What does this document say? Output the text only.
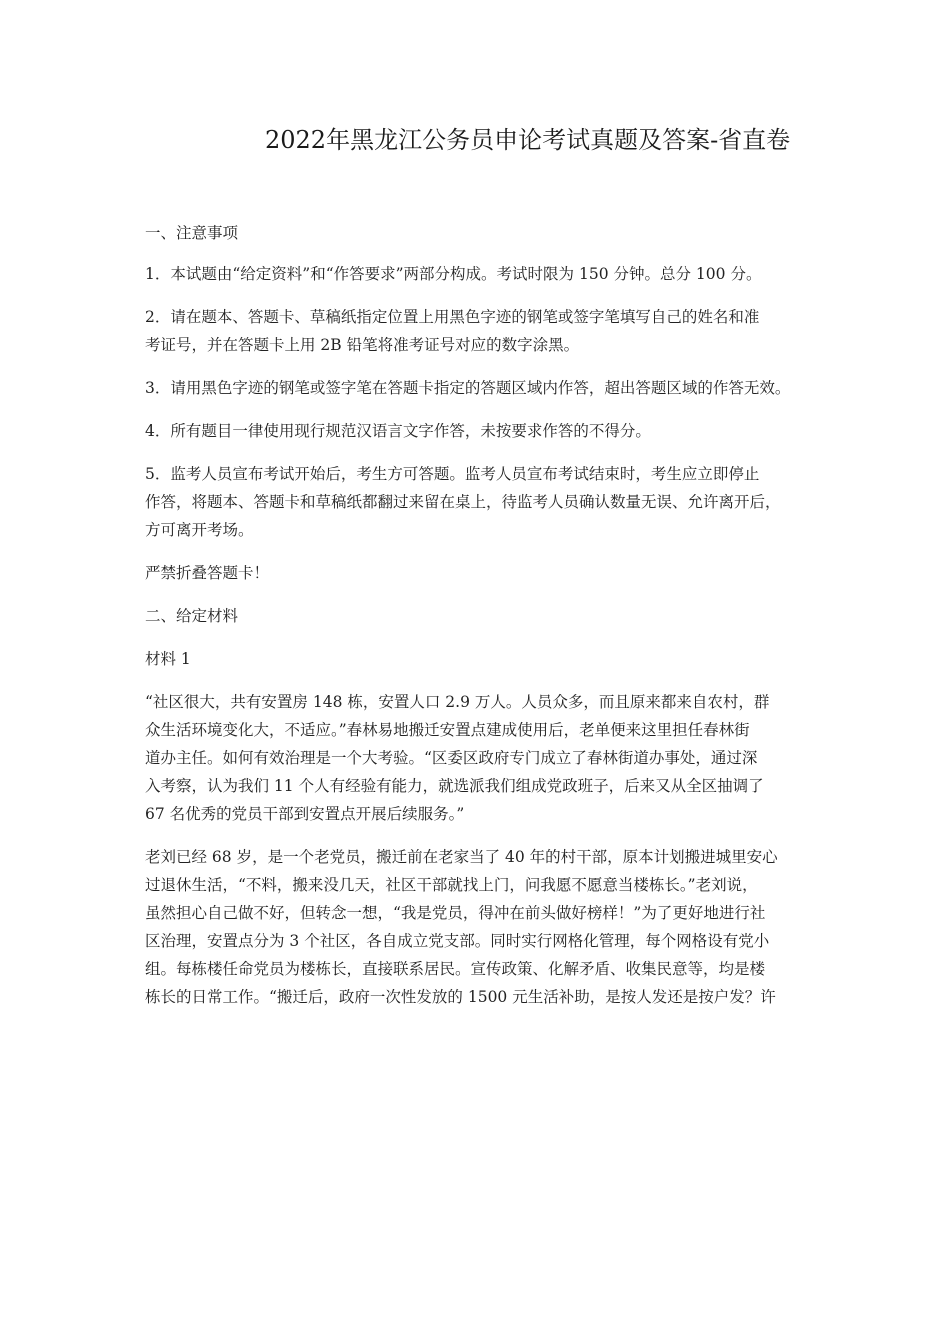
2022年黑龙江公务员申论考试真题及答案-省直卷

一、注意事项

1．本试题由“给定资料”和“作答要求”两部分构成。考试时限为 150 分钟。总分 100 分。

2．请在题本、答题卡、草稿纸指定位置上用黑色字迹的钢笔或签字笔填写自己的姓名和准
考证号，并在答题卡上用 2B 铅笔将准考证号对应的数字涂黑。

3．请用黑色字迹的钢笔或签字笔在答题卡指定的答题区域内作答，超出答题区域的作答无效。

4．所有题目一律使用现行规范汉语言文字作答，未按要求作答的不得分。

5．监考人员宣布考试开始后，考生方可答题。监考人员宣布考试结束时，考生应立即停止
作答，将题本、答题卡和草稿纸都翻过来留在桌上，待监考人员确认数量无误、允许离开后，
方可离开考场。

严禁折叠答题卡！

二、给定材料

材料 1

“社区很大，共有安置房 148 栋，安置人口 2.9 万人。人员众多，而且原来都来自农村，群
众生活环境变化大，不适应。”春林易地搬迁安置点建成使用后，老单便来这里担任春林街
道办主任。如何有效治理是一个大考验。“区委区政府专门成立了春林街道办事处，通过深
入考察，认为我们 11 个人有经验有能力，就选派我们组成党政班子，后来又从全区抽调了
67 名优秀的党员干部到安置点开展后续服务。”

老刘已经 68 岁，是一个老党员，搬迁前在老家当了 40 年的村干部，原本计划搬进城里安心
过退休生活，“不料，搬来没几天，社区干部就找上门，问我愿不愿意当楼栋长。”老刘说，
虽然担心自己做不好，但转念一想，“我是党员，得冲在前头做好榜样！”为了更好地进行社
区治理，安置点分为 3 个社区，各自成立党支部。同时实行网格化管理，每个网格设有党小
组。每栋楼任命党员为楼栋长，直接联系居民。宣传政策、化解矛盾、收集民意等，均是楼
栋长的日常工作。“搬迁后，政府一次性发放的 1500 元生活补助，是按人发还是按户发？许
